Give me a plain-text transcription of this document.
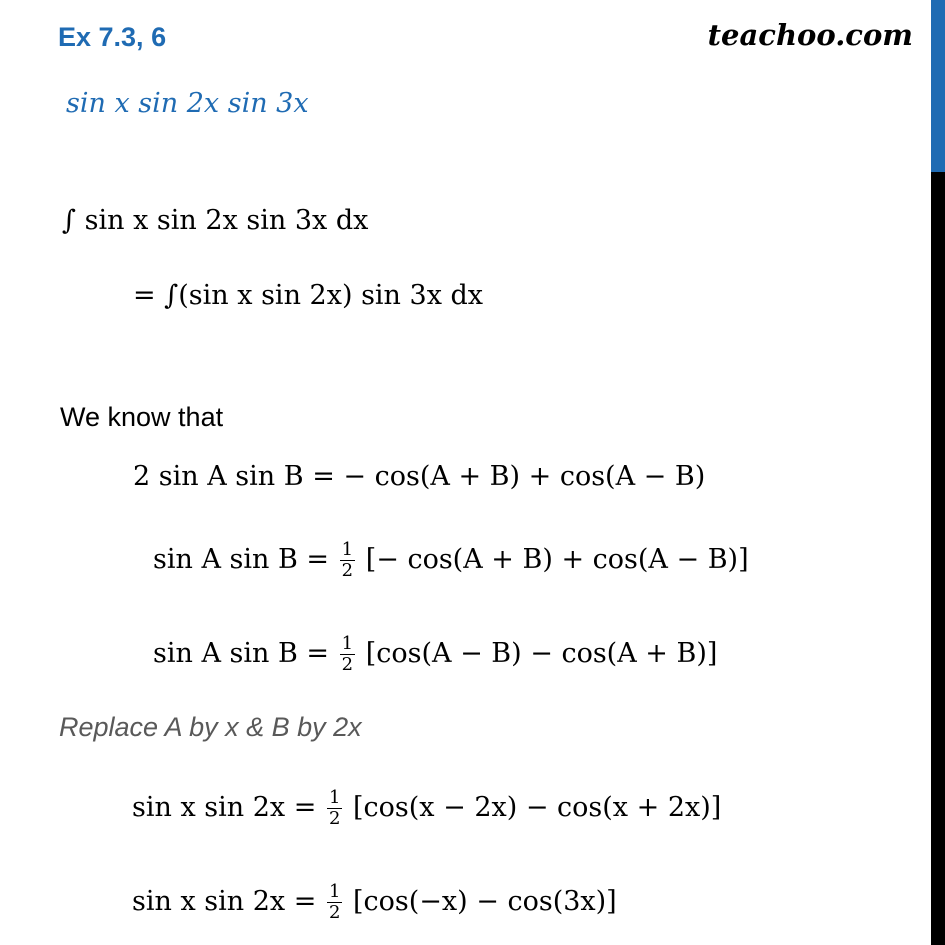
Ex 7.3, 6	teachoo.com
sin x sin 2x sin 3x
∫ sin x sin 2x sin 3x dx
= ∫(sin x sin 2x) sin 3x dx
We know that
2 sin A sin B = − cos(A + B) + cos(A − B)
sin A $\sin B = \frac{1}{2}$ [− cos(A + B) + cos(A − B)]
sin A $\sin B = \frac{1}{2} [\cos(A - B) - \cos(A + B)]$
Replace A by x & B by 2x
sin x $\sin 2x = \frac{1}{2} [\cos(x - 2x) - \cos(x + 2x)]$
sin x $\sin 2x = \frac{1}{2} [\cos(-x) - \cos(3x)]$
